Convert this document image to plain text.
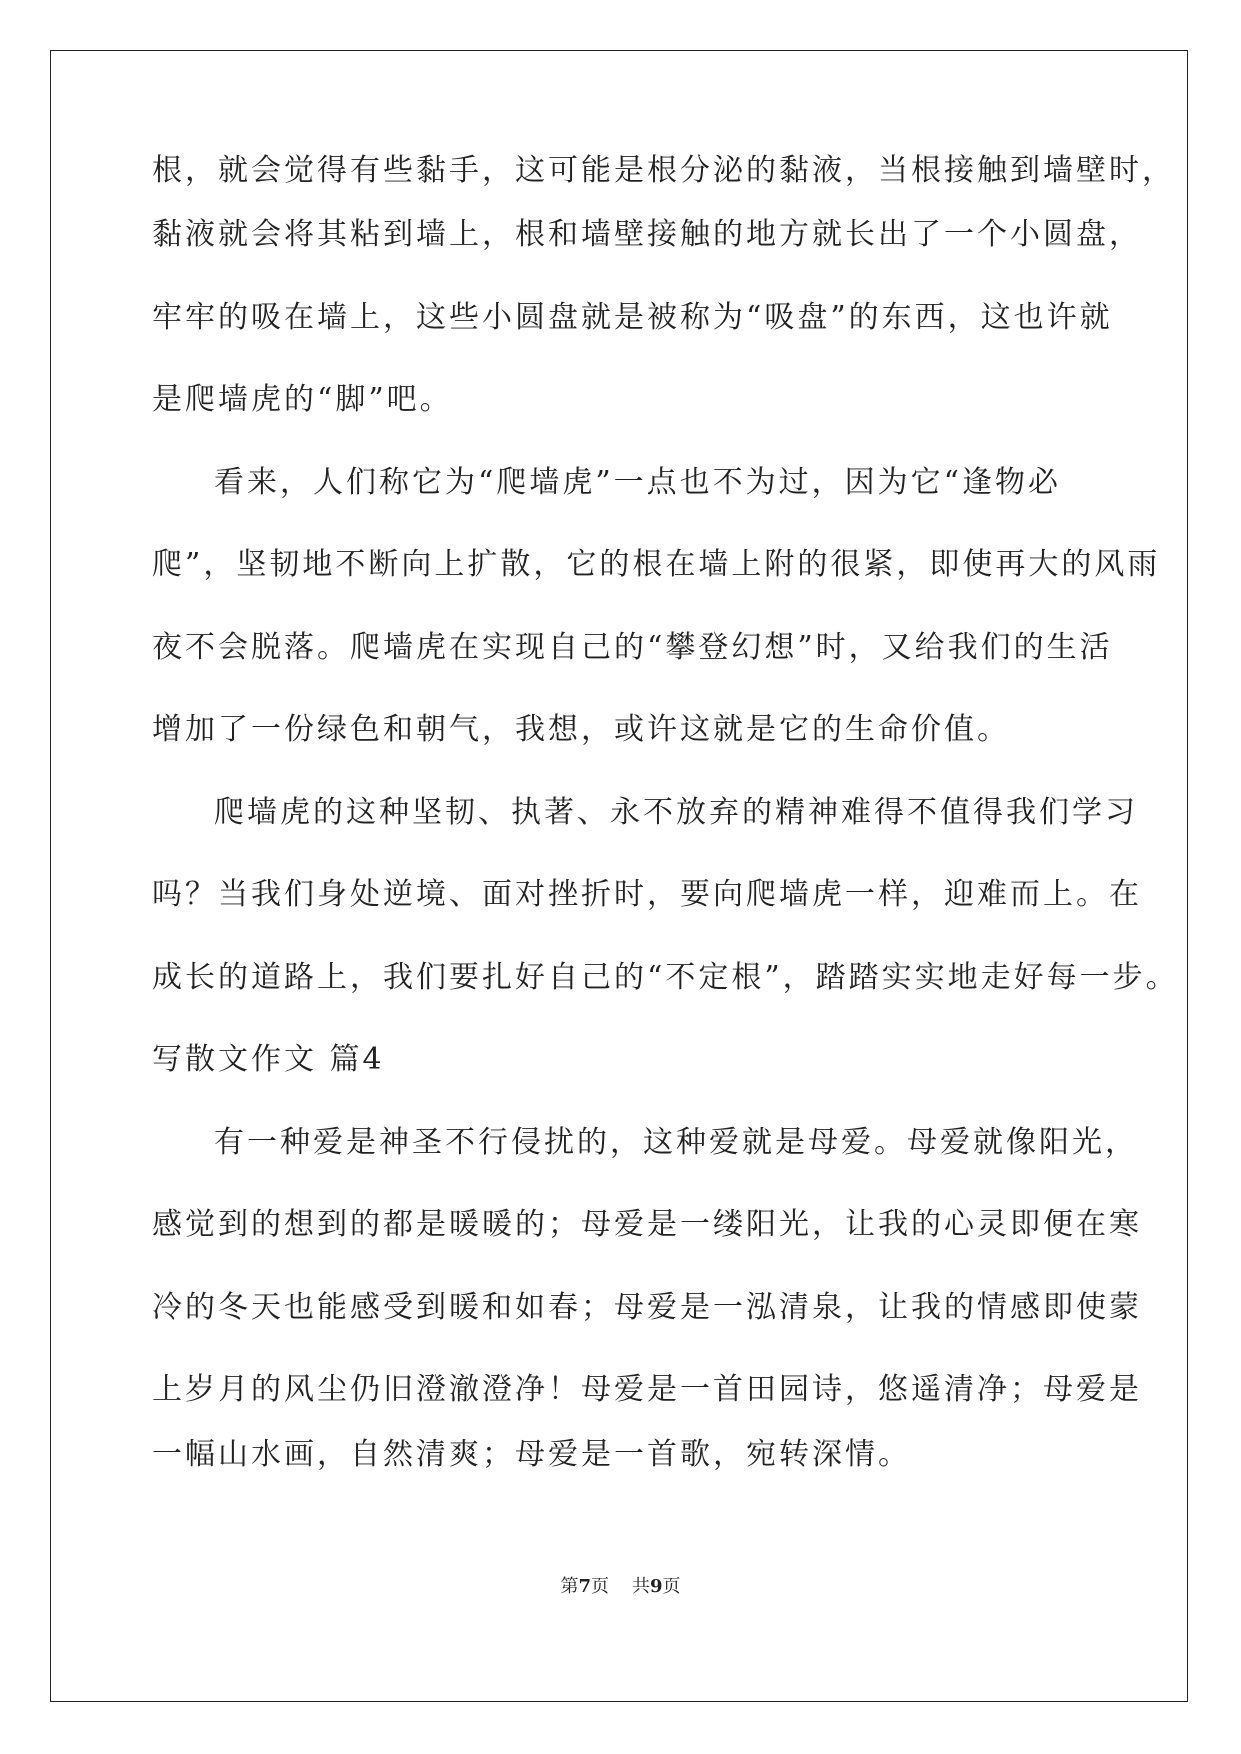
根，就会觉得有些黏手，这可能是根分泌的黏液，当根接触到墙壁时，
黏液就会将其粘到墙上，根和墙壁接触的地方就长出了一个小圆盘，
牢牢的吸在墙上，这些小圆盘就是被称为“吸盘”的东西，这也许就
是爬墙虎的“脚”吧。
看来，人们称它为“爬墙虎”一点也不为过，因为它“逢物必
爬”，坚韧地不断向上扩散，它的根在墙上附的很紧，即使再大的风雨
夜不会脱落。爬墙虎在实现自己的“攀登幻想”时，又给我们的生活
增加了一份绿色和朝气，我想，或许这就是它的生命价值。
爬墙虎的这种坚韧、执著、永不放弃的精神难得不值得我们学习
吗？当我们身处逆境、面对挫折时，要向爬墙虎一样，迎难而上。在
成长的道路上，我们要扎好自己的“不定根”，踏踏实实地走好每一步。
写散文作文 篇4
有一种爱是神圣不行侵扰的，这种爱就是母爱。母爱就像阳光，
感觉到的想到的都是暖暖的；母爱是一缕阳光，让我的心灵即便在寒
冷的冬天也能感受到暖和如春；母爱是一泓清泉，让我的情感即使蒙
上岁月的风尘仍旧澄澈澄净！母爱是一首田园诗，悠遥清净；母爱是
一幅山水画，自然清爽；母爱是一首歌，宛转深情。
第7页 共9页
